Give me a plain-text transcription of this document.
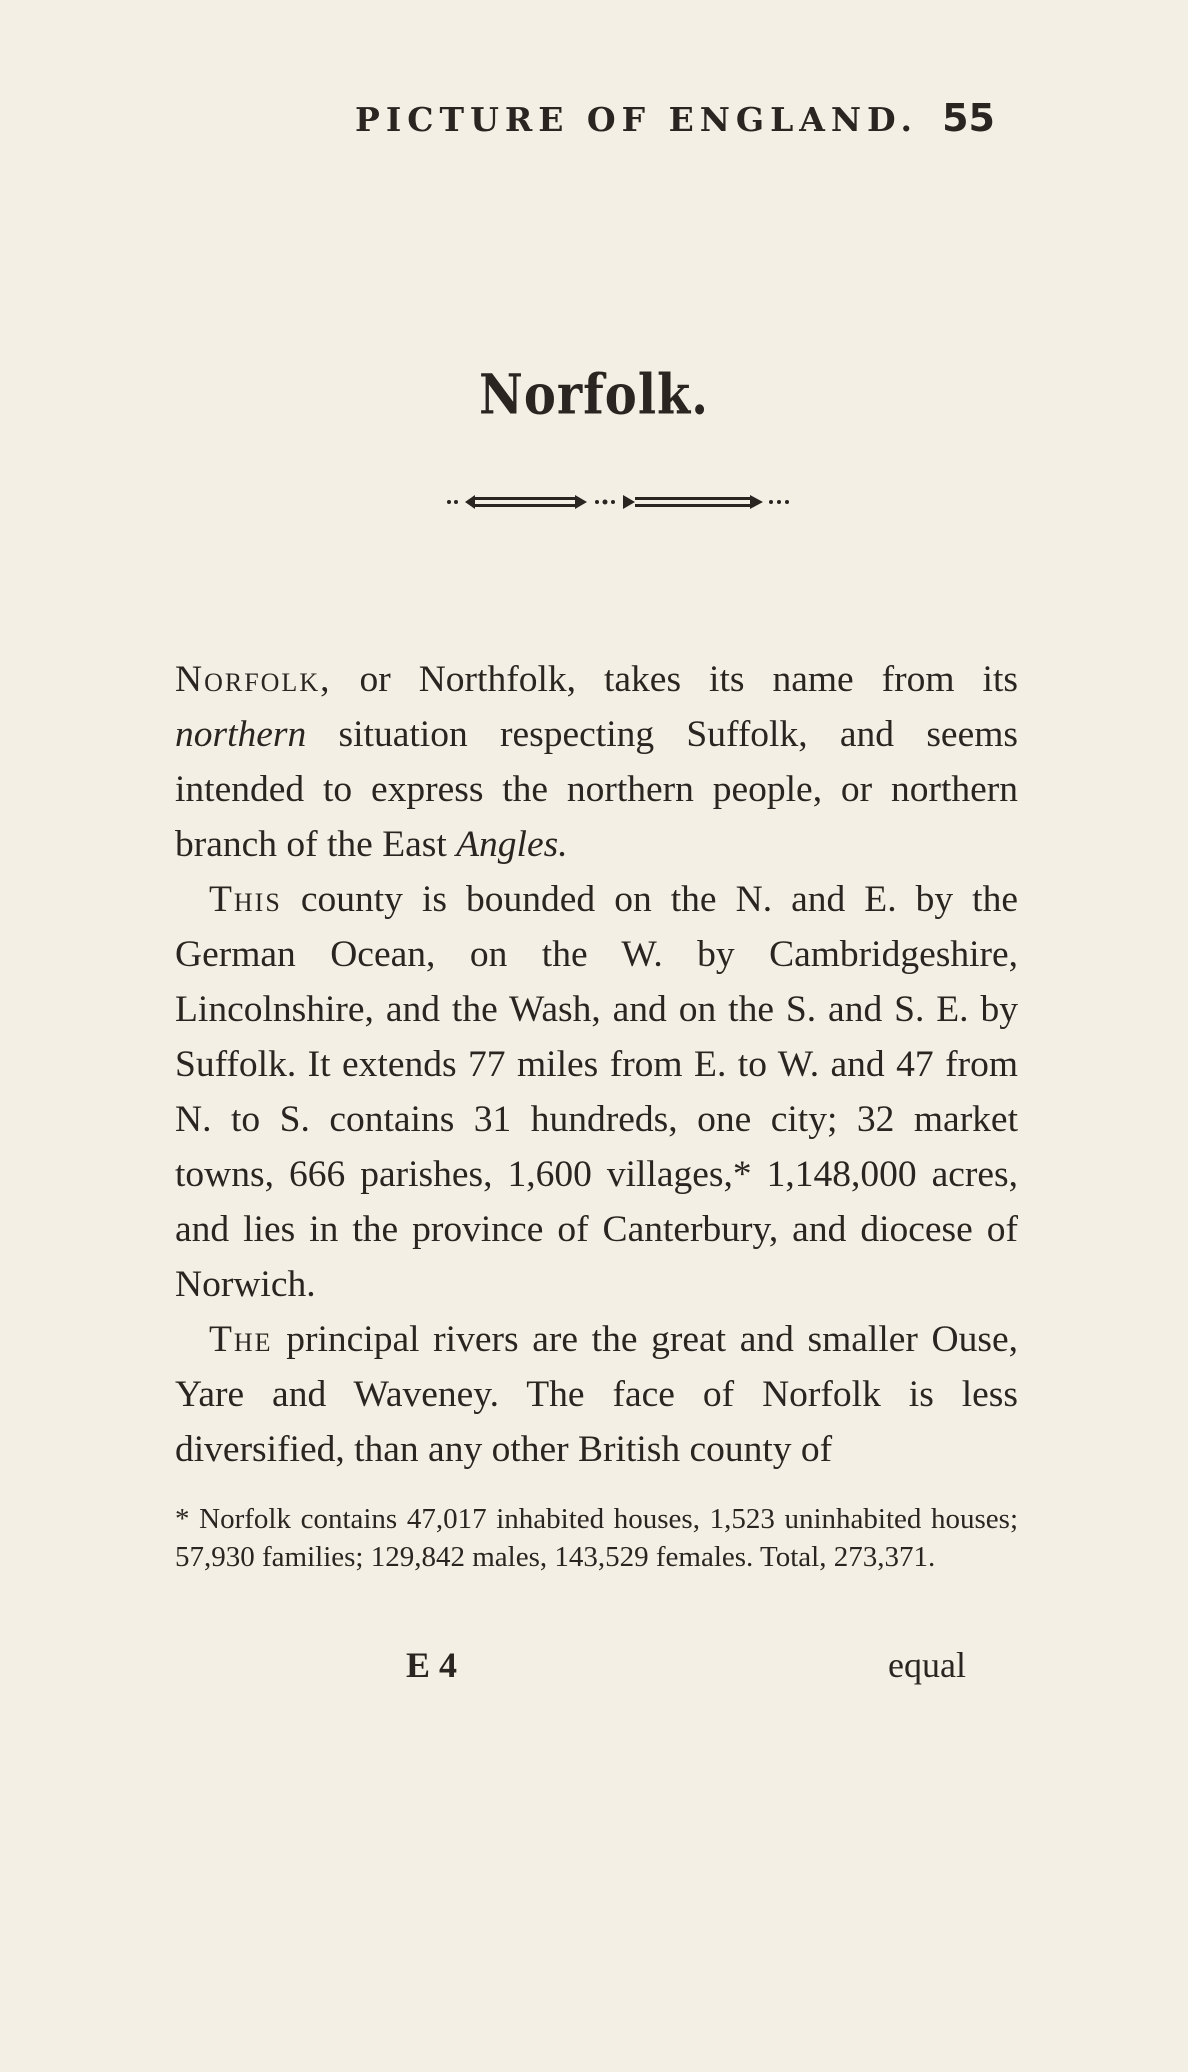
PICTURE OF ENGLAND. 55
Norfolk.

Norfolk, or Northfolk, takes its name from its northern situation respecting Suffolk, and seems intended to express the northern people, or northern branch of the East Angles.

This county is bounded on the N. and E. by the German Ocean, on the W. by Cambridgeshire, Lincolnshire, and the Wash, and on the S. and S. E. by Suffolk. It extends 77 miles from E. to W. and 47 from N. to S. contains 31 hundreds, one city; 32 market towns, 666 parishes, 1,600 villages,* 1,148,000 acres, and lies in the province of Canterbury, and diocese of Norwich.

The principal rivers are the great and smaller Ouse, Yare and Waveney. The face of Norfolk is less diversified, than any other British county of

* Norfolk contains 47,017 inhabited houses, 1,523 uninhabited houses; 57,930 families; 129,842 males, 143,529 females. Total, 273,371.
E 4	equal
